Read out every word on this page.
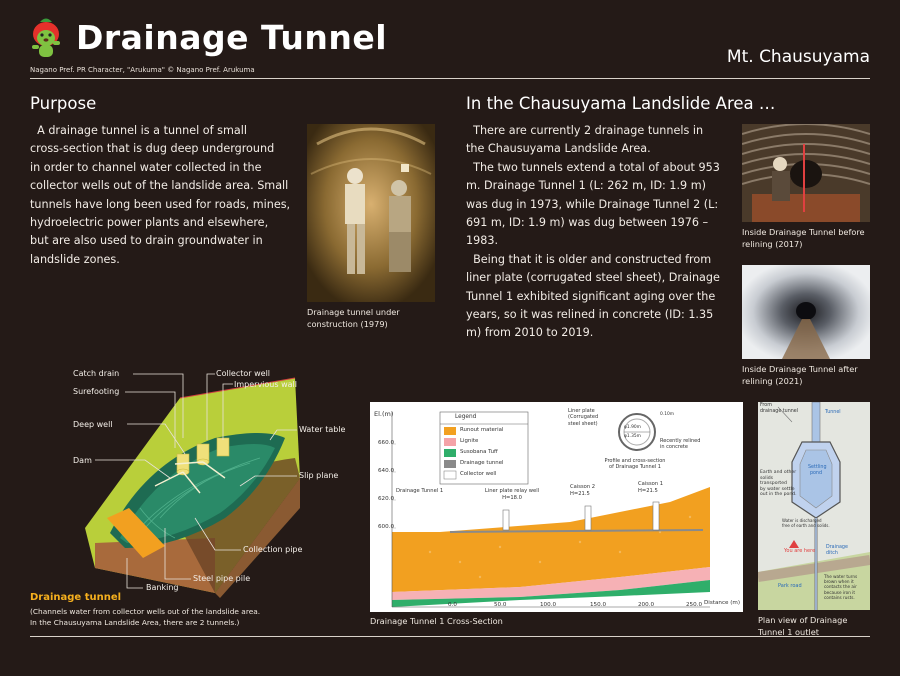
Drainage Tunnel
Nagano Pref. PR Character, "Arukuma" © Nagano Pref. Arukuma
Mt. Chausuyama
Purpose
A drainage tunnel is a tunnel of small
cross-section that is dug deep underground
in order to channel water collected in the
collector wells out of the landslide area. Small
tunnels have long been used for roads, mines,
hydroelectric power plants and elsewhere,
but are also used to drain groundwater in
landslide zones.
Drainage tunnel under
construction (1979)
In the Chausuyama Landslide Area …
There are currently 2 drainage tunnels in
the Chausuyama Landslide Area.
The two tunnels extend a total of about 953
m. Drainage Tunnel 1 (L: 262 m, ID: 1.9 m)
was dug in 1973, while Drainage Tunnel 2 (L:
691 m, ID: 1.9 m) was dug between 1976 –
1983.
Being that it is older and constructed from
liner plate (corrugated steel sheet), Drainage
Tunnel 1 exhibited significant aging over the
years, so it was relined in concrete (ID: 1.35
m) from 2010 to 2019.
Inside Drainage Tunnel before
relining (2017)
Inside Drainage Tunnel after
relining (2021)
Catch drain
Surefooting
Deep well
Dam
Collector well
Impervious wall
Water table
Slip plane
Collection pipe
Steel pipe pile
Banking
Drainage tunnel
(Channels water from collector wells out of the landslide area.
In the Chausuyama Landslide Area, there are 2 tunnels.)
El.(m)
660.0
640.0
620.0
600.0
0.0	50.0	100.0	150.0	200.0	250.0 Distance (m)
Legend
Runout material
Lignite
Susobana Tuff
Drainage tunnel
Collector well
Liner plate
(Corrugated
steel sheet)
φ1.90m
φ1.35m
0.10m
Recently relined
in concrete
Profile and cross-section
of Drainage Tunnel 1
Drainage Tunnel 1	Liner plate relay well
H=18.0
Caisson 2
H=21.5
Caisson 1
H=21.5
Drainage Tunnel 1 Cross-Section
From
drainage tunnel	Tunnel
Settling
pond
Earth and other
solids
transported
by water settle
out in the pond.
Water is discharged
free of earth and solids.
You are here
Drainage
ditch
Park road
The water turns
brown when it
contacts the air
because iron it
contains rusts.
Plan view of Drainage
Tunnel 1 outlet
